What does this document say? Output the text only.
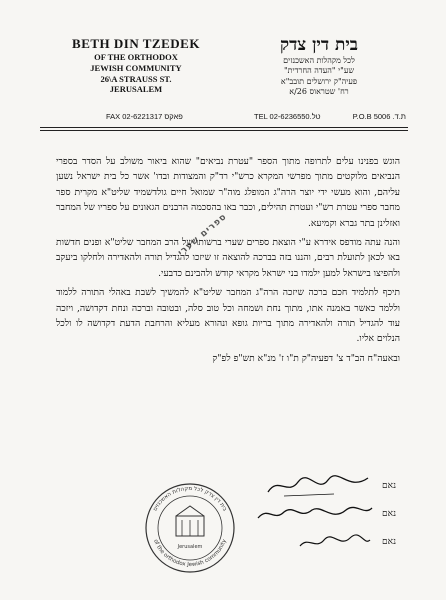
BETH DIN TZEDEK
OF THE ORTHODOX
JEWISH COMMUNITY
26\A STRAUSS ST.
JERUSALEM
בית דין צדק
לכל מקהלות האשכנזים
שע"י "העדה החרדית"
פעיה"ק ירושלים תובב"א
רח' שטראוס 26/א
FAX 02-6221317 פאקס	TEL 02-6236550.טל	P.O.B 5006 .ת.ד

הוגש בפנינו עלים לתרופה מתוך הספר "עטרת נביאים" שהוא ביאור משולב על הסדר בספרי הנביאים מלוקטים מתוך מפרשי המקרא כרש"י רד"ק והמצודות ובדו' אשר כל בית ישראל נשען עליהם, והוא מעשי ידי יוצר הרה"ג המופלג מוה"ר שמואל חיים גולדשמיד שליט"א מקרית ספר מחבר ספרי עטרת רש"י ועטרת תהילים, וכבר באו בהסכמה הרבנים הגאונים על ספריו של המחבר ואזלינן בתר גברא וקמיעא.

והנה עתה מודפס אידרא ע"י הוצאת ספרים שערי ברשותו של הרב המחבר שליט"א ופנים חדשות באו לכאן לתועלת רבים, והננו בזה בברכה להוצאה זו שיזכו להגדיל תורה ולהאדירה ולחלקו ביעקב ולהפיצו בישראל למען ילמדו בני ישראל מקראי קודש ולהבינם כדבעי.

תיכף לתלמיד חכם ברכה שיזכה הרה"ג המחבר שליט"א להמשיך לשבת באהלי התורה ללמוד וללמד כאשר באמנה אתו, מתוך נחת ושמחה וכל טוב סלה, ובטובה וברכה ונחת דקדושה, ויזכה עוד להגדיל תורה ולהאדירה מתוך בריות גופא ונהורא מעליא והרחבת הדעת דקדושה לו ולכל הנלוים אליו.

ובאעה"ח הב"ד צ' דפעיה"ק ת"ו ז' מנ"א תש"פ לפ"ק

ספרים שערי
Jerusalem
בית דין צדק לכל מקהלות האשכנזים
of the orthodox Jewish community
נאם
נאם
נאם
